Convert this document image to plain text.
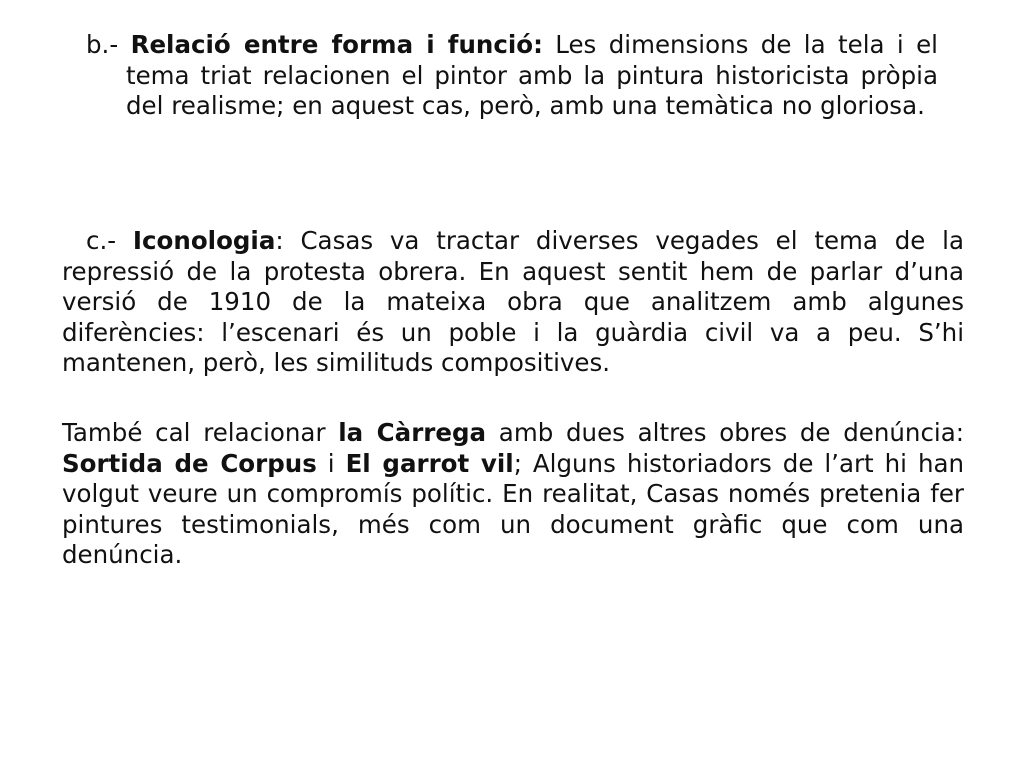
b.- Relació entre forma i funció: Les dimensions de la tela i el tema triat relacionen el pintor amb la pintura historicista pròpia del realisme; en aquest cas, però, amb una temàtica no gloriosa.

c.- Iconologia: Casas va tractar diverses vegades el tema de la repressió de la protesta obrera. En aquest sentit hem de parlar d’una versió de 1910 de la mateixa obra que analitzem amb algunes diferències: l’escenari és un poble i la guàrdia civil va a peu. S’hi mantenen, però, les similituds compositives.

També cal relacionar la Càrrega amb dues altres obres de denúncia: Sortida de Corpus i El garrot vil; Alguns historiadors de l’art hi han volgut veure un compromís polític. En realitat, Casas només pretenia fer pintures testimonials, més com un document gràfic que com una denúncia.
